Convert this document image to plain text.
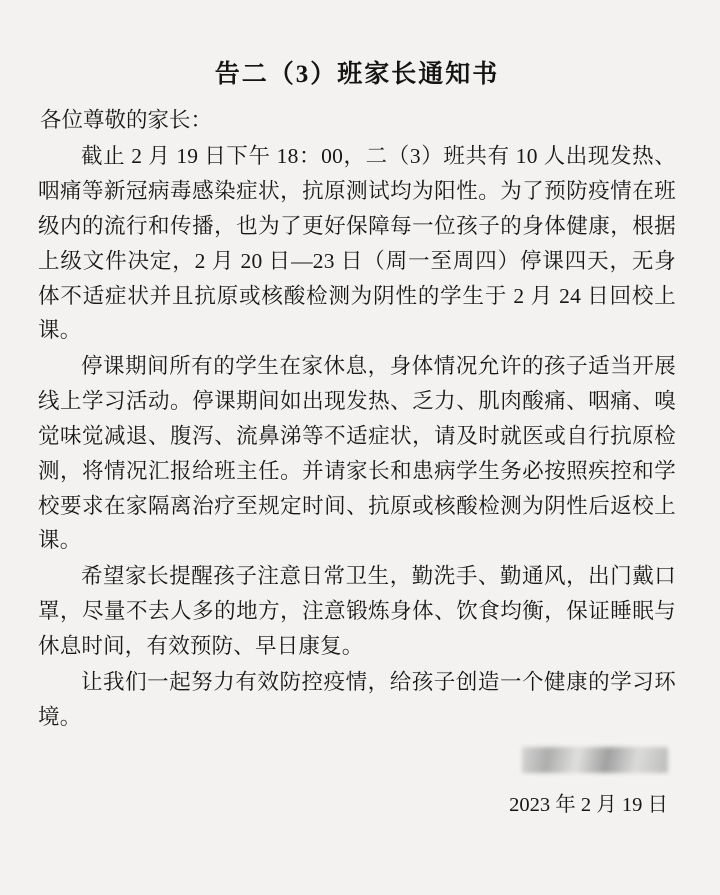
告二（3）班家长通知书

各位尊敬的家长：

截止 2 月 19 日下午 18：00，二（3）班共有 10 人出现发热、咽痛等新冠病毒感染症状，抗原测试均为阳性。为了预防疫情在班级内的流行和传播，也为了更好保障每一位孩子的身体健康，根据上级文件决定，2 月 20 日—23 日（周一至周四）停课四天，无身体不适症状并且抗原或核酸检测为阴性的学生于 2 月 24 日回校上课。

停课期间所有的学生在家休息，身体情况允许的孩子适当开展线上学习活动。停课期间如出现发热、乏力、肌肉酸痛、咽痛、嗅觉味觉减退、腹泻、流鼻涕等不适症状，请及时就医或自行抗原检测，将情况汇报给班主任。并请家长和患病学生务必按照疾控和学校要求在家隔离治疗至规定时间、抗原或核酸检测为阴性后返校上课。

希望家长提醒孩子注意日常卫生，勤洗手、勤通风，出门戴口罩，尽量不去人多的地方，注意锻炼身体、饮食均衡，保证睡眠与休息时间，有效预防、早日康复。

让我们一起努力有效防控疫情，给孩子创造一个健康的学习环境。

2023 年 2 月 19 日
